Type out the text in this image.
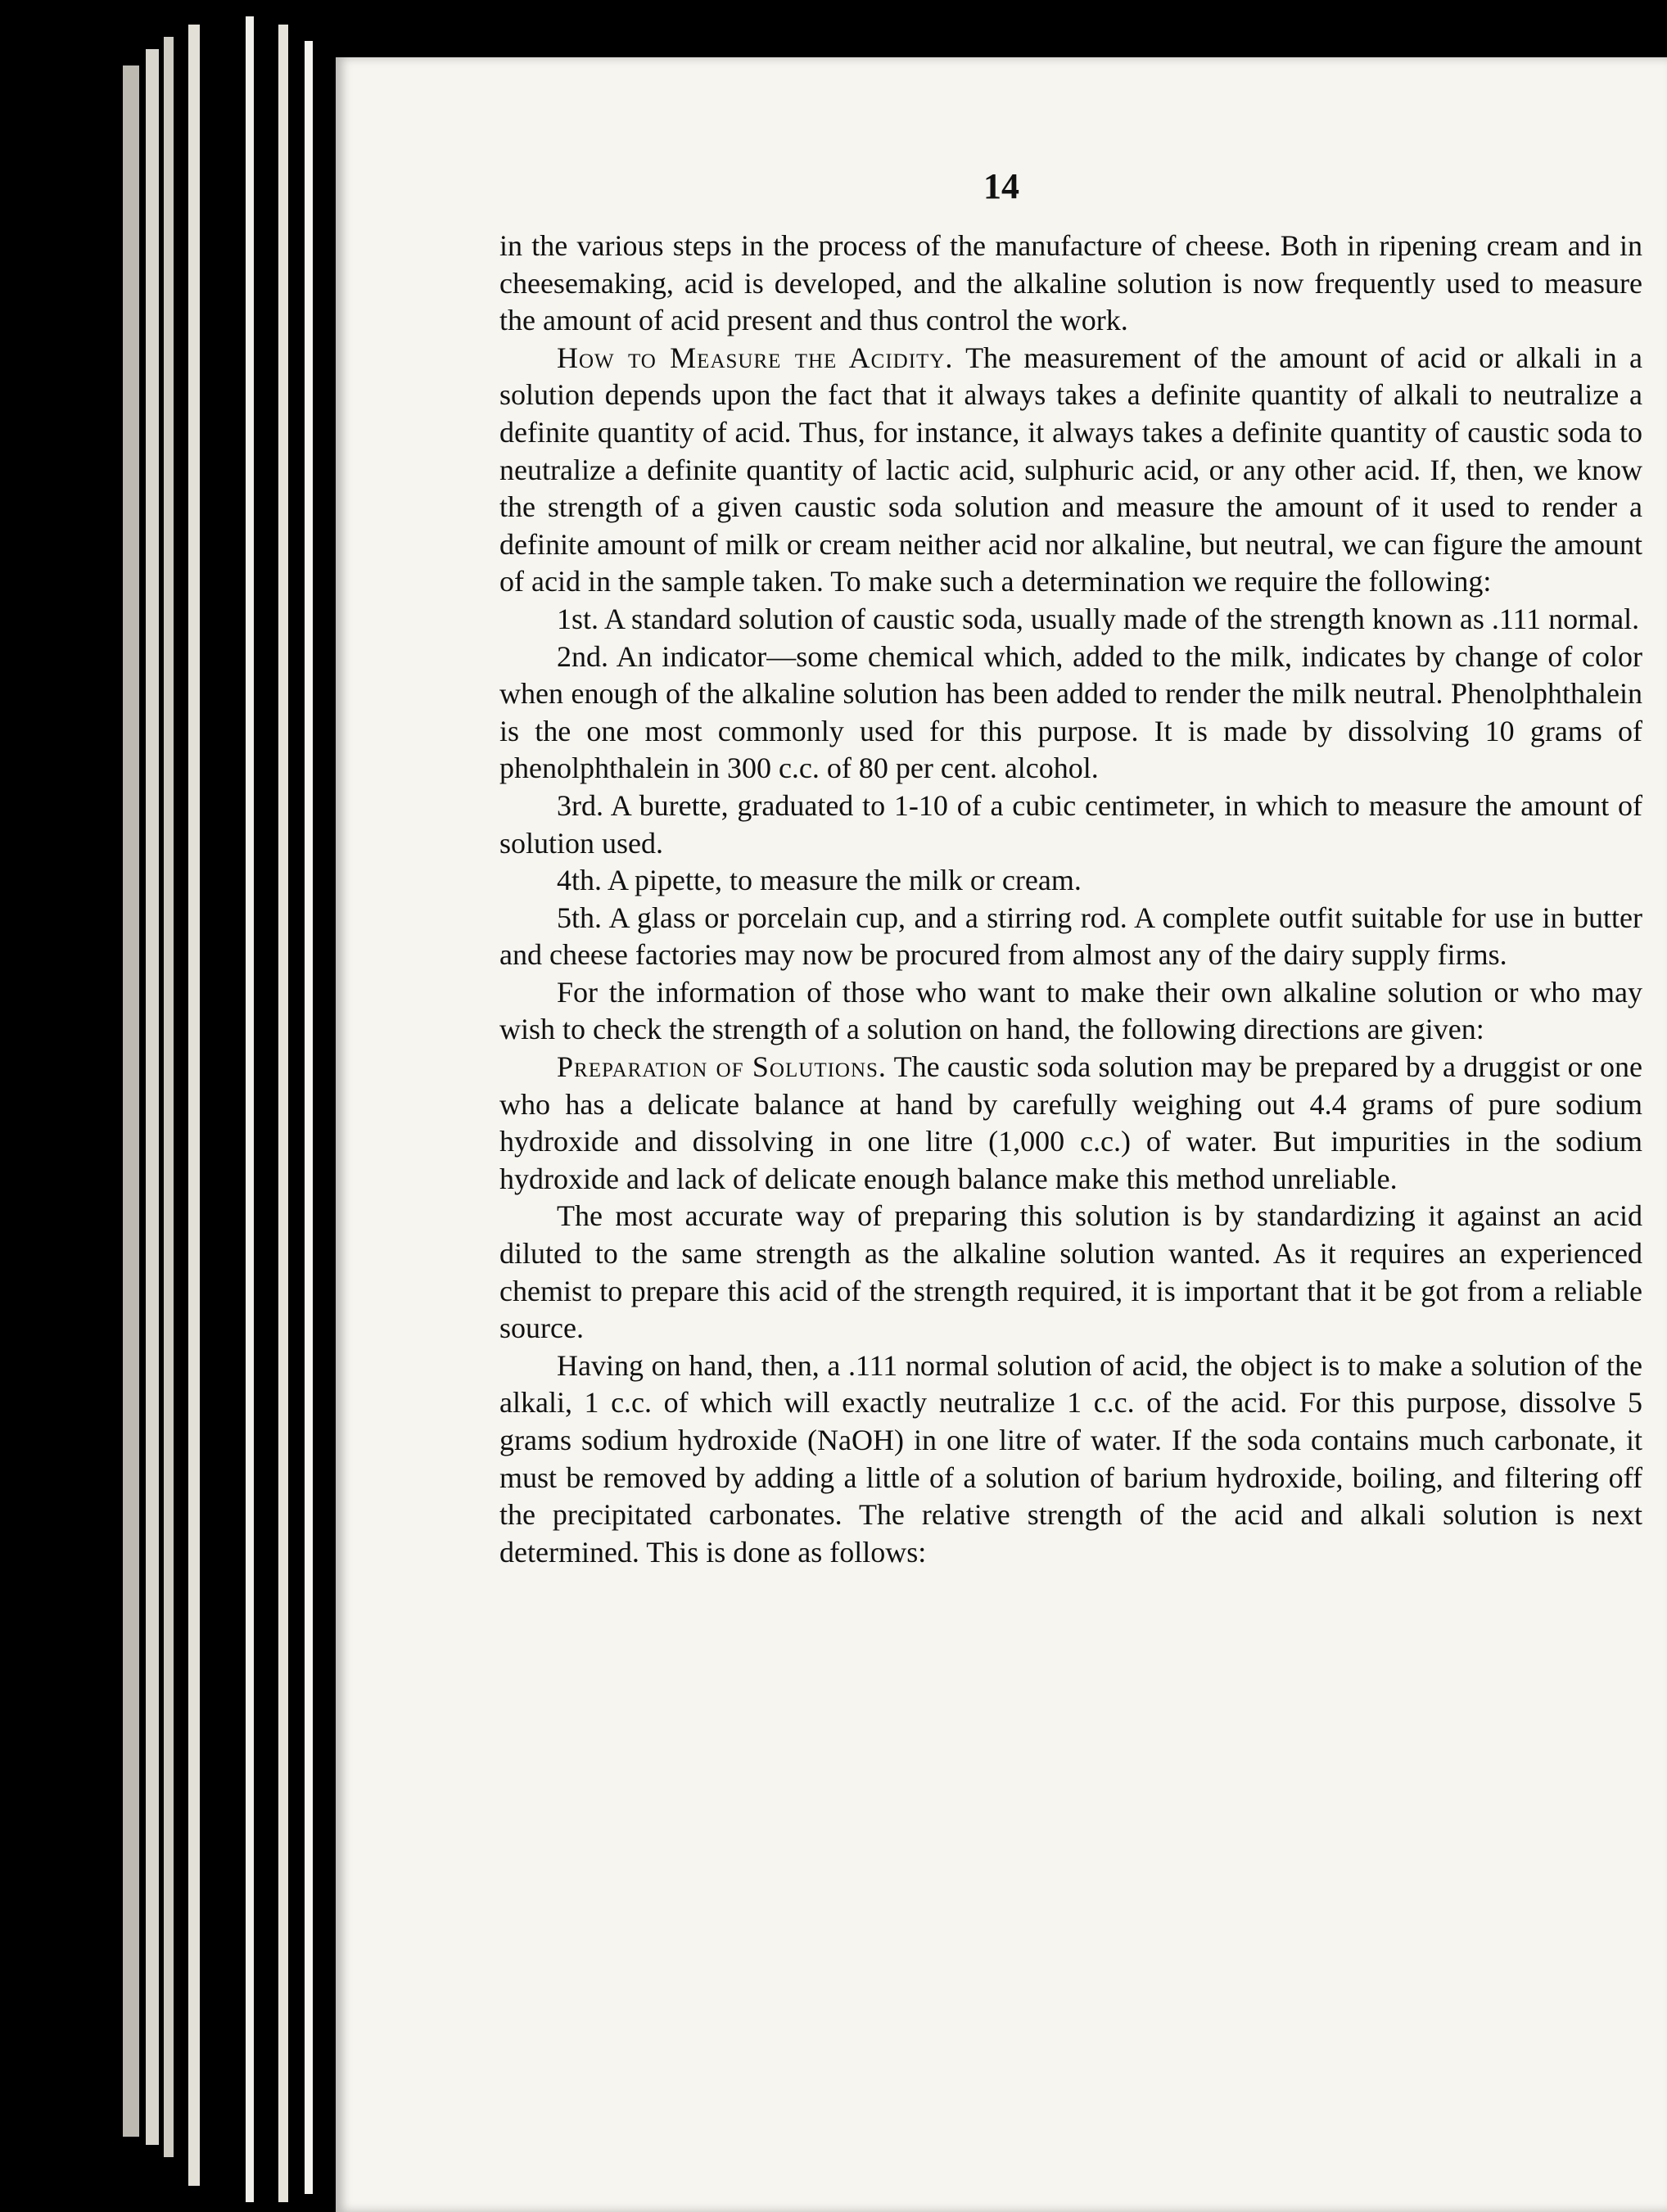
14

in the various steps in the process of the manufacture of cheese. Both in ripening cream and in cheesemaking, acid is developed, and the alkaline solution is now frequently used to measure the amount of acid present and thus control the work.

How to Measure the Acidity. The measurement of the amount of acid or alkali in a solution depends upon the fact that it always takes a definite quantity of alkali to neutralize a definite quantity of acid. Thus, for instance, it always takes a definite quantity of caustic soda to neutralize a definite quantity of lactic acid, sulphuric acid, or any other acid. If, then, we know the strength of a given caustic soda solution and measure the amount of it used to render a definite amount of milk or cream neither acid nor alkaline, but neutral, we can figure the amount of acid in the sample taken. To make such a determination we require the following:

1st. A standard solution of caustic soda, usually made of the strength known as .111 normal.

2nd. An indicator—some chemical which, added to the milk, indicates by change of color when enough of the alkaline solution has been added to render the milk neutral. Phenolphthalein is the one most commonly used for this purpose. It is made by dissolving 10 grams of phenolphthalein in 300 c.c. of 80 per cent. alcohol.

3rd. A burette, graduated to 1-10 of a cubic centimeter, in which to measure the amount of solution used.

4th. A pipette, to measure the milk or cream.

5th. A glass or porcelain cup, and a stirring rod. A complete outfit suitable for use in butter and cheese factories may now be procured from almost any of the dairy supply firms.

For the information of those who want to make their own alkaline solution or who may wish to check the strength of a solution on hand, the following directions are given:

Preparation of Solutions. The caustic soda solution may be prepared by a druggist or one who has a delicate balance at hand by carefully weighing out 4.4 grams of pure sodium hydroxide and dissolving in one litre (1,000 c.c.) of water. But impurities in the sodium hydroxide and lack of delicate enough balance make this method unreliable.

The most accurate way of preparing this solution is by standardizing it against an acid diluted to the same strength as the alkaline solution wanted. As it requires an experienced chemist to prepare this acid of the strength required, it is important that it be got from a reliable source.

Having on hand, then, a .111 normal solution of acid, the object is to make a solution of the alkali, 1 c.c. of which will exactly neutralize 1 c.c. of the acid. For this purpose, dissolve 5 grams sodium hydroxide (NaOH) in one litre of water. If the soda contains much carbonate, it must be removed by adding a little of a solution of barium hydroxide, boiling, and filtering off the precipitated carbonates. The relative strength of the acid and alkali solution is next determined. This is done as follows:
